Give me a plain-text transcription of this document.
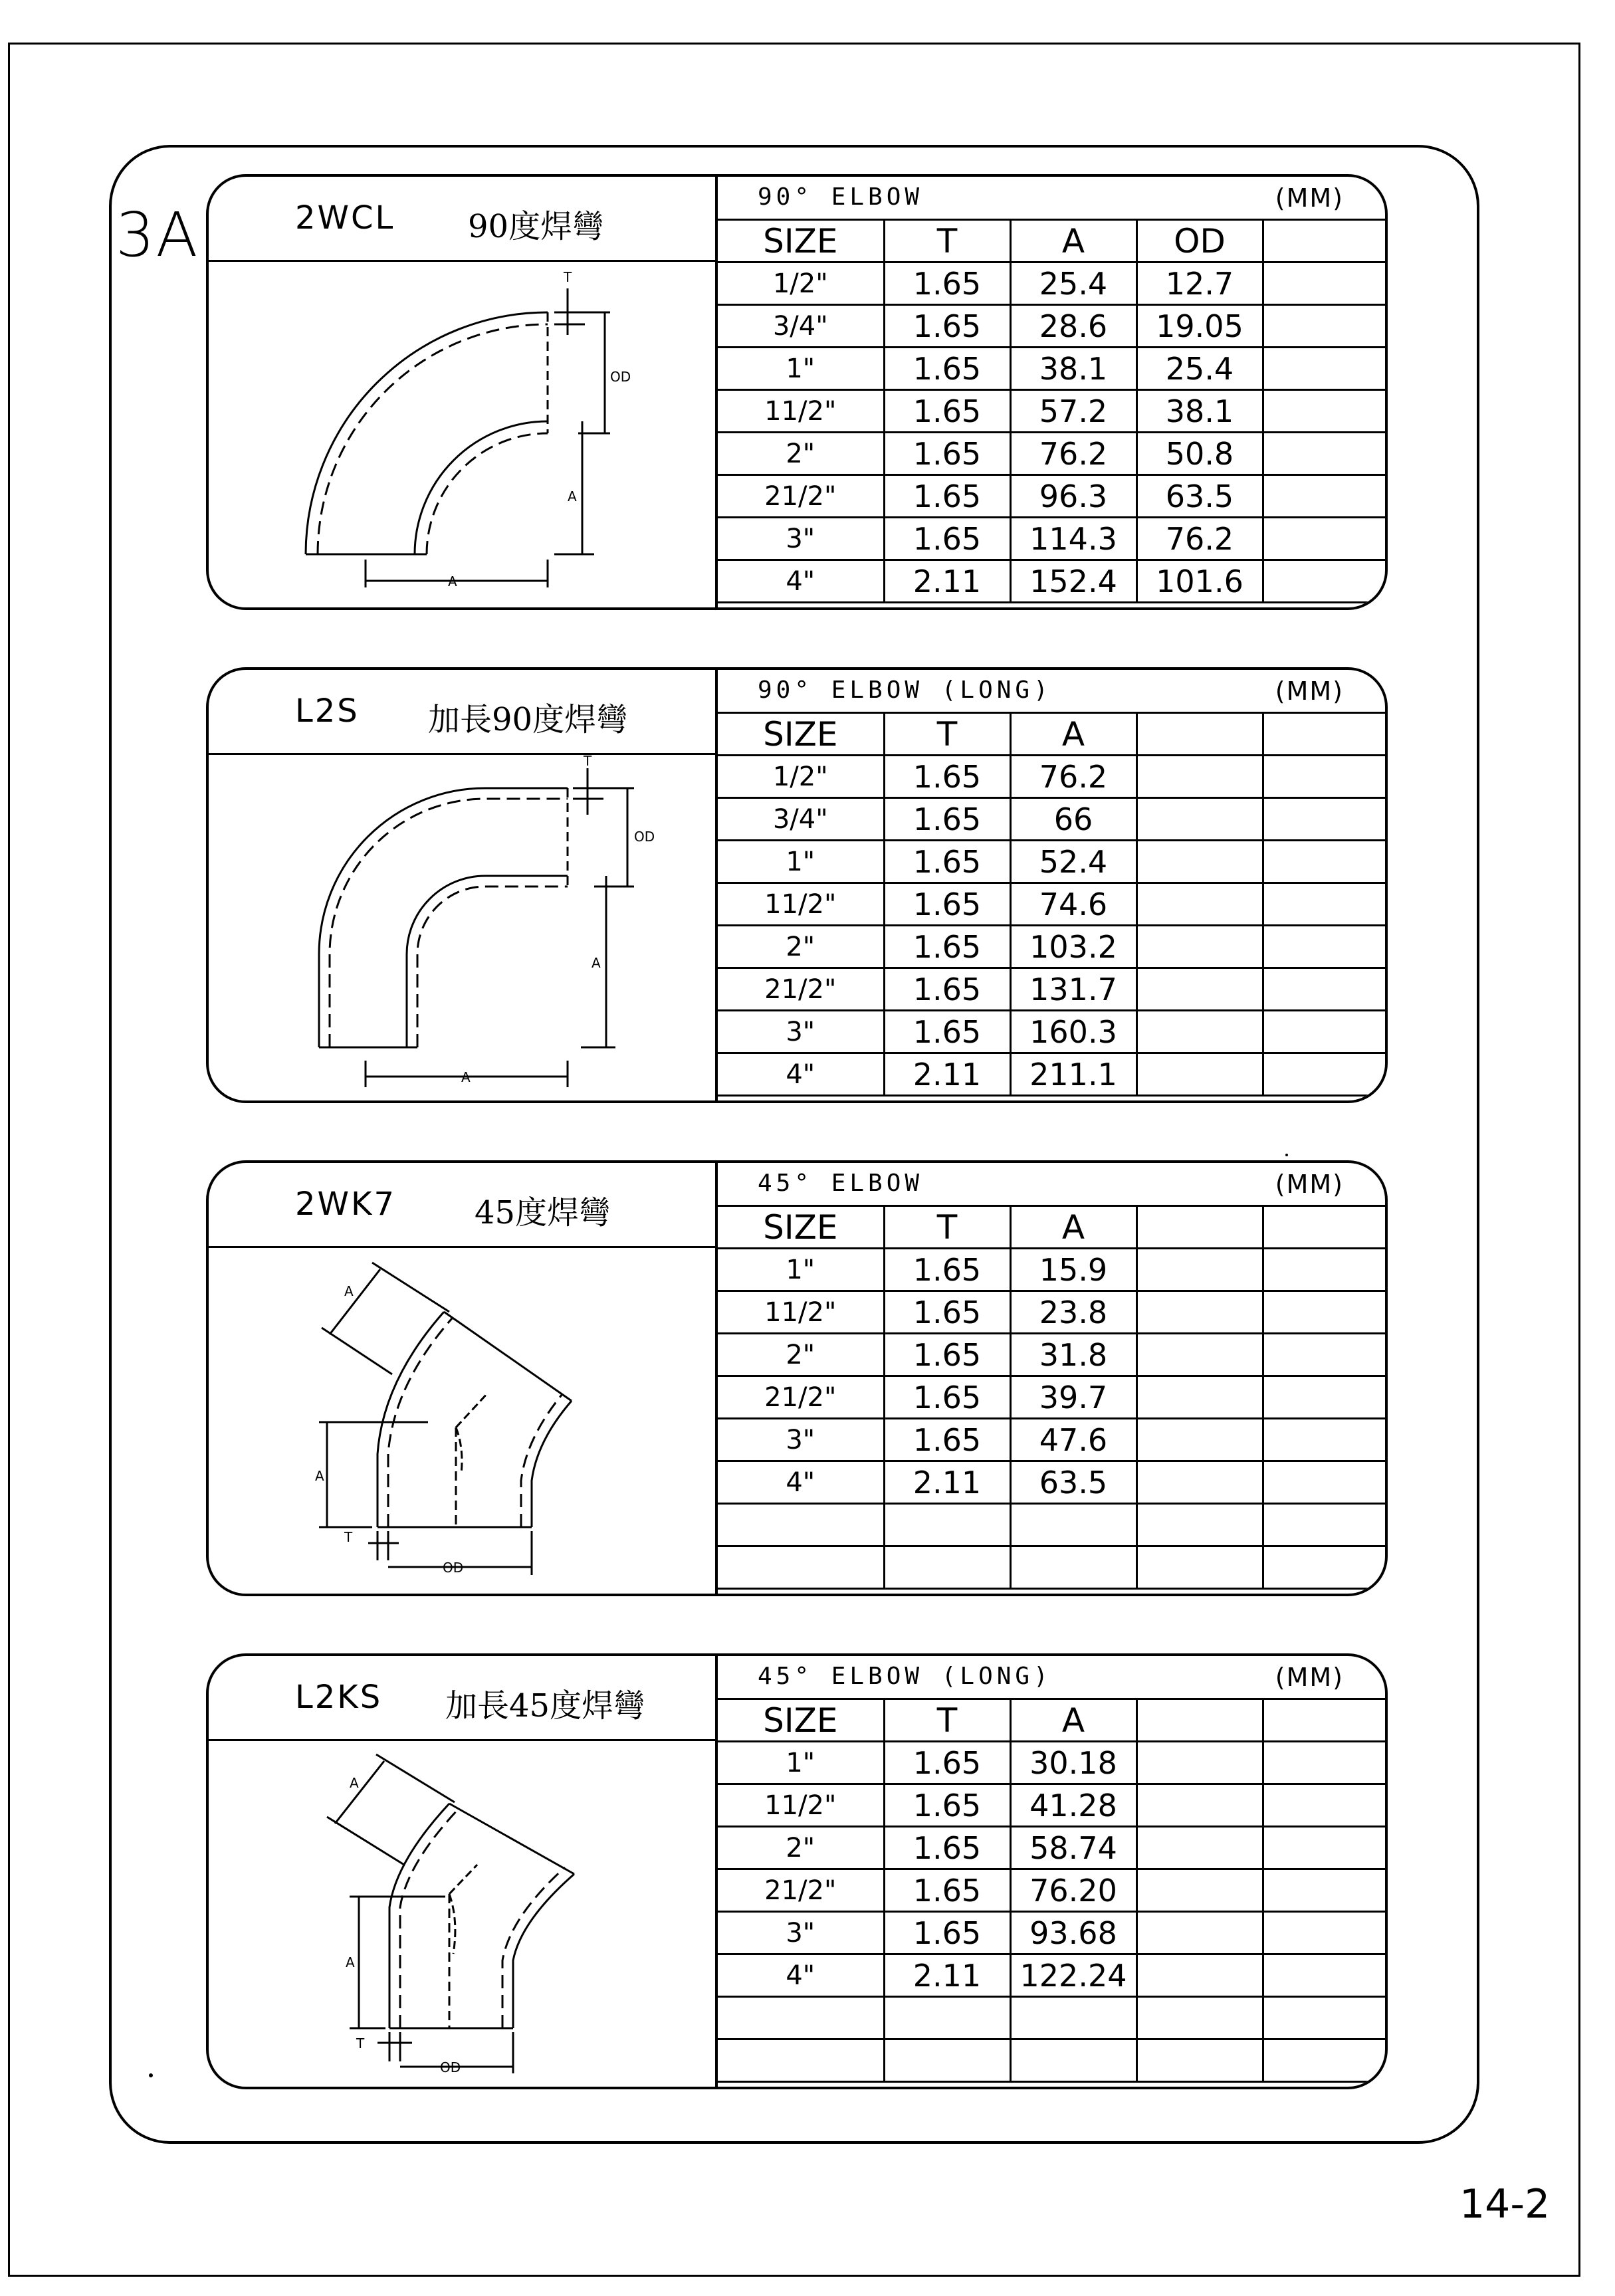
3A
14-2
2WCL 90度焊彎
T
OD
A
A
90° ELBOW	(MM)
SIZE	T	A	OD	
1/2"	1.65	25.4	12.7	
3/4"	1.65	28.6	19.05	
1"	1.65	38.1	25.4	
11/2"	1.65	57.2	38.1	
2"	1.65	76.2	50.8	
21/2"	1.65	96.3	63.5	
3"	1.65	114.3	76.2	
4"	2.11	152.4	101.6	
L2S 加長90度焊彎
T
OD
A
A
90° ELBOW (LONG)	(MM)
SIZE	T	A		
1/2"	1.65	76.2		
3/4"	1.65	66		
1"	1.65	52.4		
11/2"	1.65	74.6		
2"	1.65	103.2		
21/2"	1.65	131.7		
3"	1.65	160.3		
4"	2.11	211.1		
2WK7 45度焊彎
T
OD
A
A
45° ELBOW	(MM)
SIZE	T	A		
1"	1.65	15.9		
11/2"	1.65	23.8		
2"	1.65	31.8		
21/2"	1.65	39.7		
3"	1.65	47.6		
4"	2.11	63.5		

L2KS 加長45度焊彎
T
OD
A
A
45° ELBOW (LONG)	(MM)
SIZE	T	A		
1"	1.65	30.18		
11/2"	1.65	41.28		
2"	1.65	58.74		
21/2"	1.65	76.20		
3"	1.65	93.68		
4"	2.11	122.24		
